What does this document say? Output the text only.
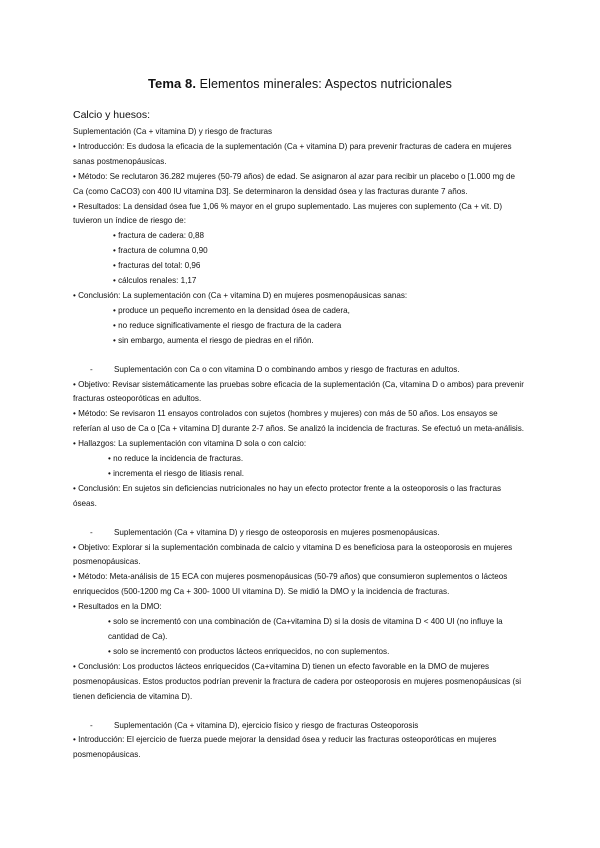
Tema 8. Elementos minerales: Aspectos nutricionales
Calcio y huesos:

Suplementación (Ca + vitamina D) y riesgo de fracturas

• Introducción: Es dudosa la eficacia de la suplementación (Ca + vitamina D) para prevenir fracturas de cadera en mujeres sanas postmenopáusicas.

• Método: Se reclutaron 36.282 mujeres (50-79 años) de edad. Se asignaron al azar para recibir un placebo o [1.000 mg de Ca (como CaCO3) con 400 IU vitamina D3]. Se determinaron la densidad ósea y las fracturas durante 7 años.

• Resultados: La densidad ósea fue 1,06 % mayor en el grupo suplementado. Las mujeres con suplemento (Ca + vit. D) tuvieron un índice de riesgo de:

• fractura de cadera: 0,88

• fractura de columna 0,90

• fracturas del total: 0,96

• cálculos renales: 1,17

• Conclusión: La suplementación con (Ca + vitamina D) en mujeres posmenopáusicas sanas:

• produce un pequeño incremento en la densidad ósea de cadera,

• no reduce significativamente el riesgo de fractura de la cadera

• sin embargo, aumenta el riesgo de piedras en el riñón.

-	Suplementación con Ca o con vitamina D o combinando ambos y riesgo de fracturas en adultos.

• Objetivo: Revisar sistemáticamente las pruebas sobre eficacia de la suplementación (Ca, vitamina D o ambos) para prevenir fracturas osteoporóticas en adultos.

• Método: Se revisaron 11 ensayos controlados con sujetos (hombres y mujeres) con más de 50 años. Los ensayos se referían al uso de Ca o [Ca + vitamina D] durante 2-7 años. Se analizó la incidencia de fracturas. Se efectuó un meta-análisis.

• Hallazgos: La suplementación con vitamina D sola o con calcio:

• no reduce la incidencia de fracturas.

• incrementa el riesgo de litiasis renal.

• Conclusión: En sujetos sin deficiencias nutricionales no hay un efecto protector frente a la osteoporosis o las fracturas óseas.

-	Suplementación (Ca + vitamina D) y riesgo de osteoporosis en mujeres posmenopáusicas.

• Objetivo: Explorar si la suplementación combinada de calcio y vitamina D es beneficiosa para la osteoporosis en mujeres posmenopáusicas.

• Método: Meta-análisis de 15 ECA con mujeres posmenopáusicas (50-79 años) que consumieron suplementos o lácteos enriquecidos (500-1200 mg Ca + 300- 1000 UI vitamina D). Se midió la DMO y la incidencia de fracturas.

• Resultados en la DMO:

• solo se incrementó con una combinación de (Ca+vitamina D) si la dosis de vitamina D < 400 UI (no influye la cantidad de Ca).

• solo se incrementó con productos lácteos enriquecidos, no con suplementos.

• Conclusión: Los productos lácteos enriquecidos (Ca+vitamina D) tienen un efecto favorable en la DMO de mujeres posmenopáusicas. Estos productos podrían prevenir la fractura de cadera por osteoporosis en mujeres posmenopáusicas (si tienen deficiencia de vitamina D).

-	Suplementación (Ca + vitamina D), ejercicio físico y riesgo de fracturas Osteoporosis

• Introducción: El ejercicio de fuerza puede mejorar la densidad ósea y reducir las fracturas osteoporóticas en mujeres posmenopáusicas.
